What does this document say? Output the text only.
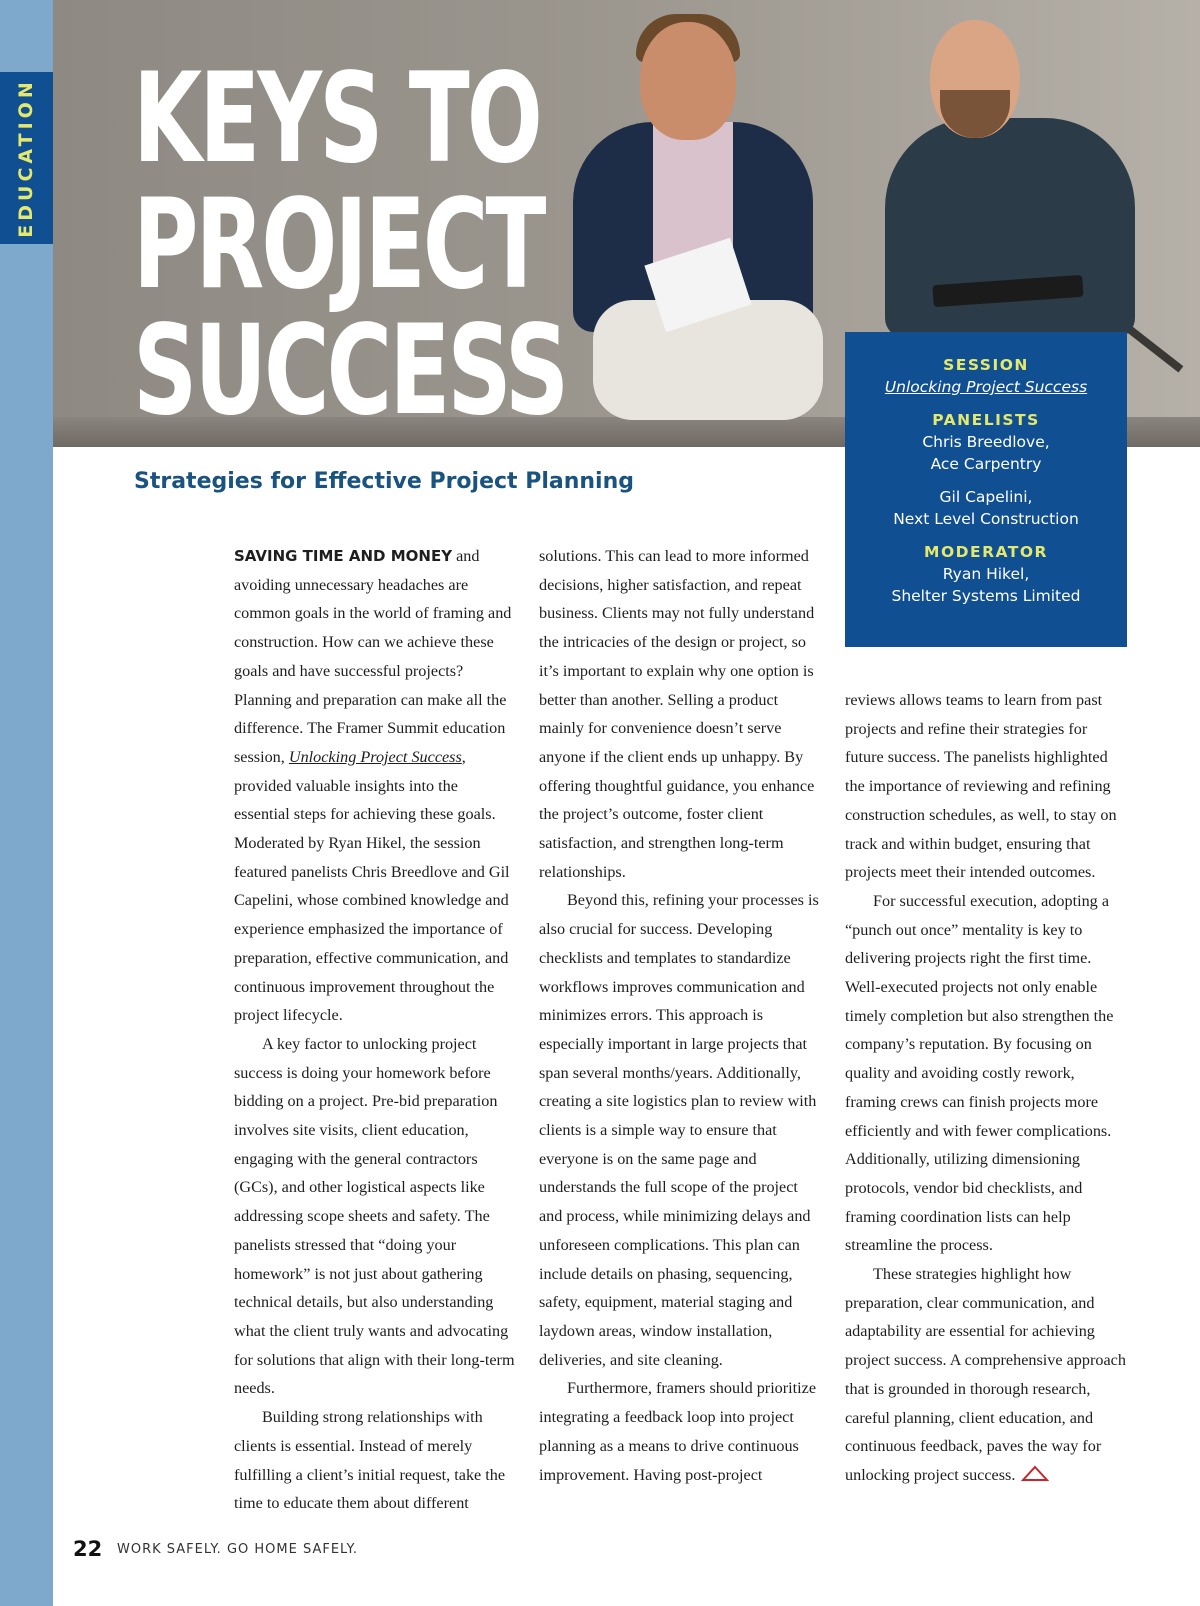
EDUCATION KEYS TO
PROJECT
SUCCESS	SESSION
Unlocking Project Success
PANELISTS
Chris Breedlove,
Ace Carpentry
Gil Capelini,
Next Level Construction
MODERATOR
Ryan Hikel,
Shelter Systems Limited
Strategies for Effective Project Planning

SAVING TIME AND MONEY and avoiding unnecessary headaches are common goals in the world of framing and construction. How can we achieve these goals and have successful projects? Planning and preparation can make all the difference. The Framer Summit education session, Unlocking Project Success, provided valuable insights into the essential steps for achieving these goals. Moderated by Ryan Hikel, the session featured panelists Chris Breedlove and Gil Capelini, whose combined knowledge and experience emphasized the importance of preparation, effective communication, and continuous improvement throughout the project lifecycle.

A key factor to unlocking project success is doing your homework before bidding on a project. Pre-bid preparation involves site visits, client education, engaging with the general contractors (GCs), and other logistical aspects like addressing scope sheets and safety. The panelists stressed that “doing your homework” is not just about gathering technical details, but also understanding what the client truly wants and advocating for solutions that align with their long-term needs.

Building strong relationships with clients is essential. Instead of merely fulfilling a client’s initial request, take the time to educate them about different

solutions. This can lead to more informed decisions, higher satisfaction, and repeat business. Clients may not fully understand the intricacies of the design or project, so it’s important to explain why one option is better than another. Selling a product mainly for convenience doesn’t serve anyone if the client ends up unhappy. By offering thoughtful guidance, you enhance the project’s outcome, foster client satisfaction, and strengthen long-term relationships.

Beyond this, refining your processes is also crucial for success. Developing checklists and templates to standardize workflows improves communication and minimizes errors. This approach is especially important in large projects that span several months/years. Additionally, creating a site logistics plan to review with clients is a simple way to ensure that everyone is on the same page and understands the full scope of the project and process, while minimizing delays and unforeseen complications. This plan can include details on phasing, sequencing, safety, equipment, material staging and laydown areas, window installation, deliveries, and site cleaning.

Furthermore, framers should prioritize integrating a feedback loop into project planning as a means to drive continuous improvement. Having post-project

reviews allows teams to learn from past projects and refine their strategies for future success. The panelists highlighted the importance of reviewing and refining construction schedules, as well, to stay on track and within budget, ensuring that projects meet their intended outcomes.

For successful execution, adopting a “punch out once” mentality is key to delivering projects right the first time. Well-executed projects not only enable timely completion but also strengthen the company’s reputation. By focusing on quality and avoiding costly rework, framing crews can finish projects more efficiently and with fewer complications. Additionally, utilizing dimensioning protocols, vendor bid checklists, and framing coordination lists can help streamline the process.

These strategies highlight how preparation, clear communication, and adaptability are essential for achieving project success. A comprehensive approach that is grounded in thorough research, careful planning, client education, and continuous feedback, paves the way for unlocking project success.

22 WORK SAFELY. GO HOME SAFELY.
